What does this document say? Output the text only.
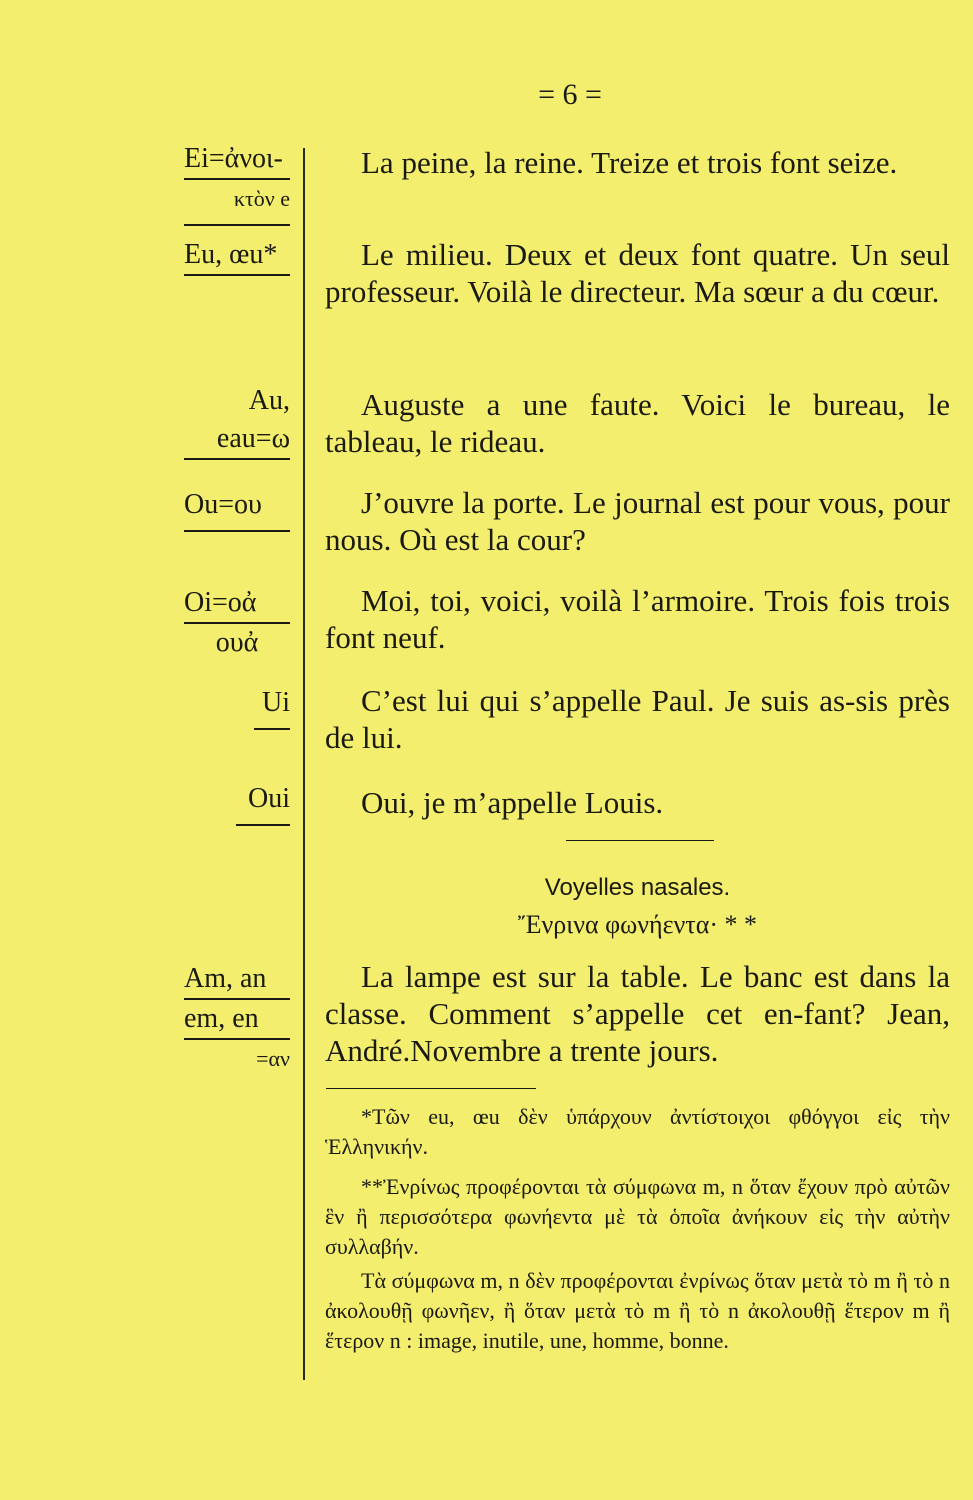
= 6 =
Ei=ἀνοι-
κτὸν e
Eu, œu*
Au,
eau=ω
Ou=ου
Oi=οἀ
ουἀ
Ui
Oui
Am, an
em, en
=αν
La peine, la reine. Treize et trois font seize.
Le milieu. Deux et deux font quatre. Un seul professeur. Voilà le directeur. Ma sœur a du cœur.
Auguste a une faute. Voici le bureau, le tableau, le rideau.
J’ouvre la porte. Le journal est pour vous, pour nous. Où est la cour?
Moi, toi, voici, voilà l’armoire. Trois fois trois font neuf.
C’est lui qui s’appelle Paul. Je suis as-sis près de lui.
Oui, je m’appelle Louis.
Voyelles nasales.
Ἔνρινα φωνήεντα· * *
La lampe est sur la table. Le banc est dans la classe. Comment s’appelle cet en-fant? Jean, André.Novembre a trente jours.
*Τῶν eu, œu δὲν ὑπάρχουν ἀντίστοιχοι φθόγγοι εἰς τὴν Ἑλληνικήν.
**Ἐνρίνως προφέρονται τὰ σύμφωνα m, n ὅταν ἔχουν πρὸ αὐτῶν ἓν ἢ περισσότερα φωνήεντα μὲ τὰ ὁποῖα ἀνήκουν εἰς τὴν αὐτὴν συλλαβήν.
Τὰ σύμφωνα m, n δὲν προφέρονται ἐνρίνως ὅταν μετὰ τὸ m ἢ τὸ n ἀκολουθῇ φωνῆεν, ἢ ὅταν μετὰ τὸ m ἢ τὸ n ἀκολουθῇ ἕτερον m ἢ ἕτερον n : image, inutile, une, homme, bonne.
